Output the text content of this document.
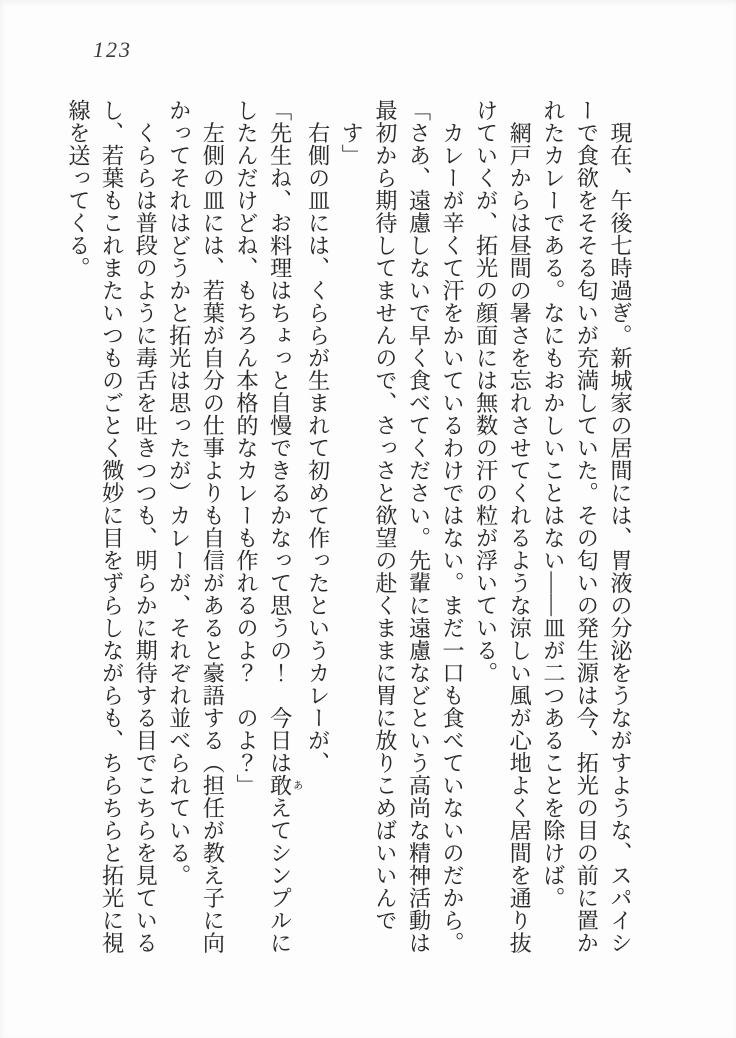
123
　現在、午後七時過ぎ。新城家の居間には、胃液の分泌をうながすような、スパイシ
ーで食欲をそそる匂いが充満していた。その匂いの発生源は今、拓光の目の前に置か
れたカレーである。なにもおかしいことはない——皿が二つあることを除けば。
　網戸からは昼間の暑さを忘れさせてくれるような涼しい風が心地よく居間を通り抜
けていくが、拓光の顔面には無数の汗の粒が浮いている。
　カレーが辛くて汗をかいているわけではない。まだ一口も食べていないのだから。
「さあ、遠慮しないで早く食べてください。先輩に遠慮などという高尚な精神活動は
最初から期待してませんので、さっさと欲望の赴くままに胃に放りこめばいいんで
　す」
　右側の皿には、くららが生まれて初めて作ったというカレーが、
「先生ね、お料理はちょっと自慢できるかなって思うの！　今日は敢あえてシンプルに
したんだけどね、もちろん本格的なカレーも作れるのよ？　のよ？」
　左側の皿には、若葉が自分の仕事よりも自信があると豪語する（担任が教え子に向
かってそれはどうかと拓光は思ったが）カレーが、それぞれ並べられている。
　くららは普段のように毒舌を吐きつつも、明らかに期待する目でこちらを見ている
し、若葉もこれまたいつものごとく微妙に目をずらしながらも、ちらちらと拓光に視
線を送ってくる。
